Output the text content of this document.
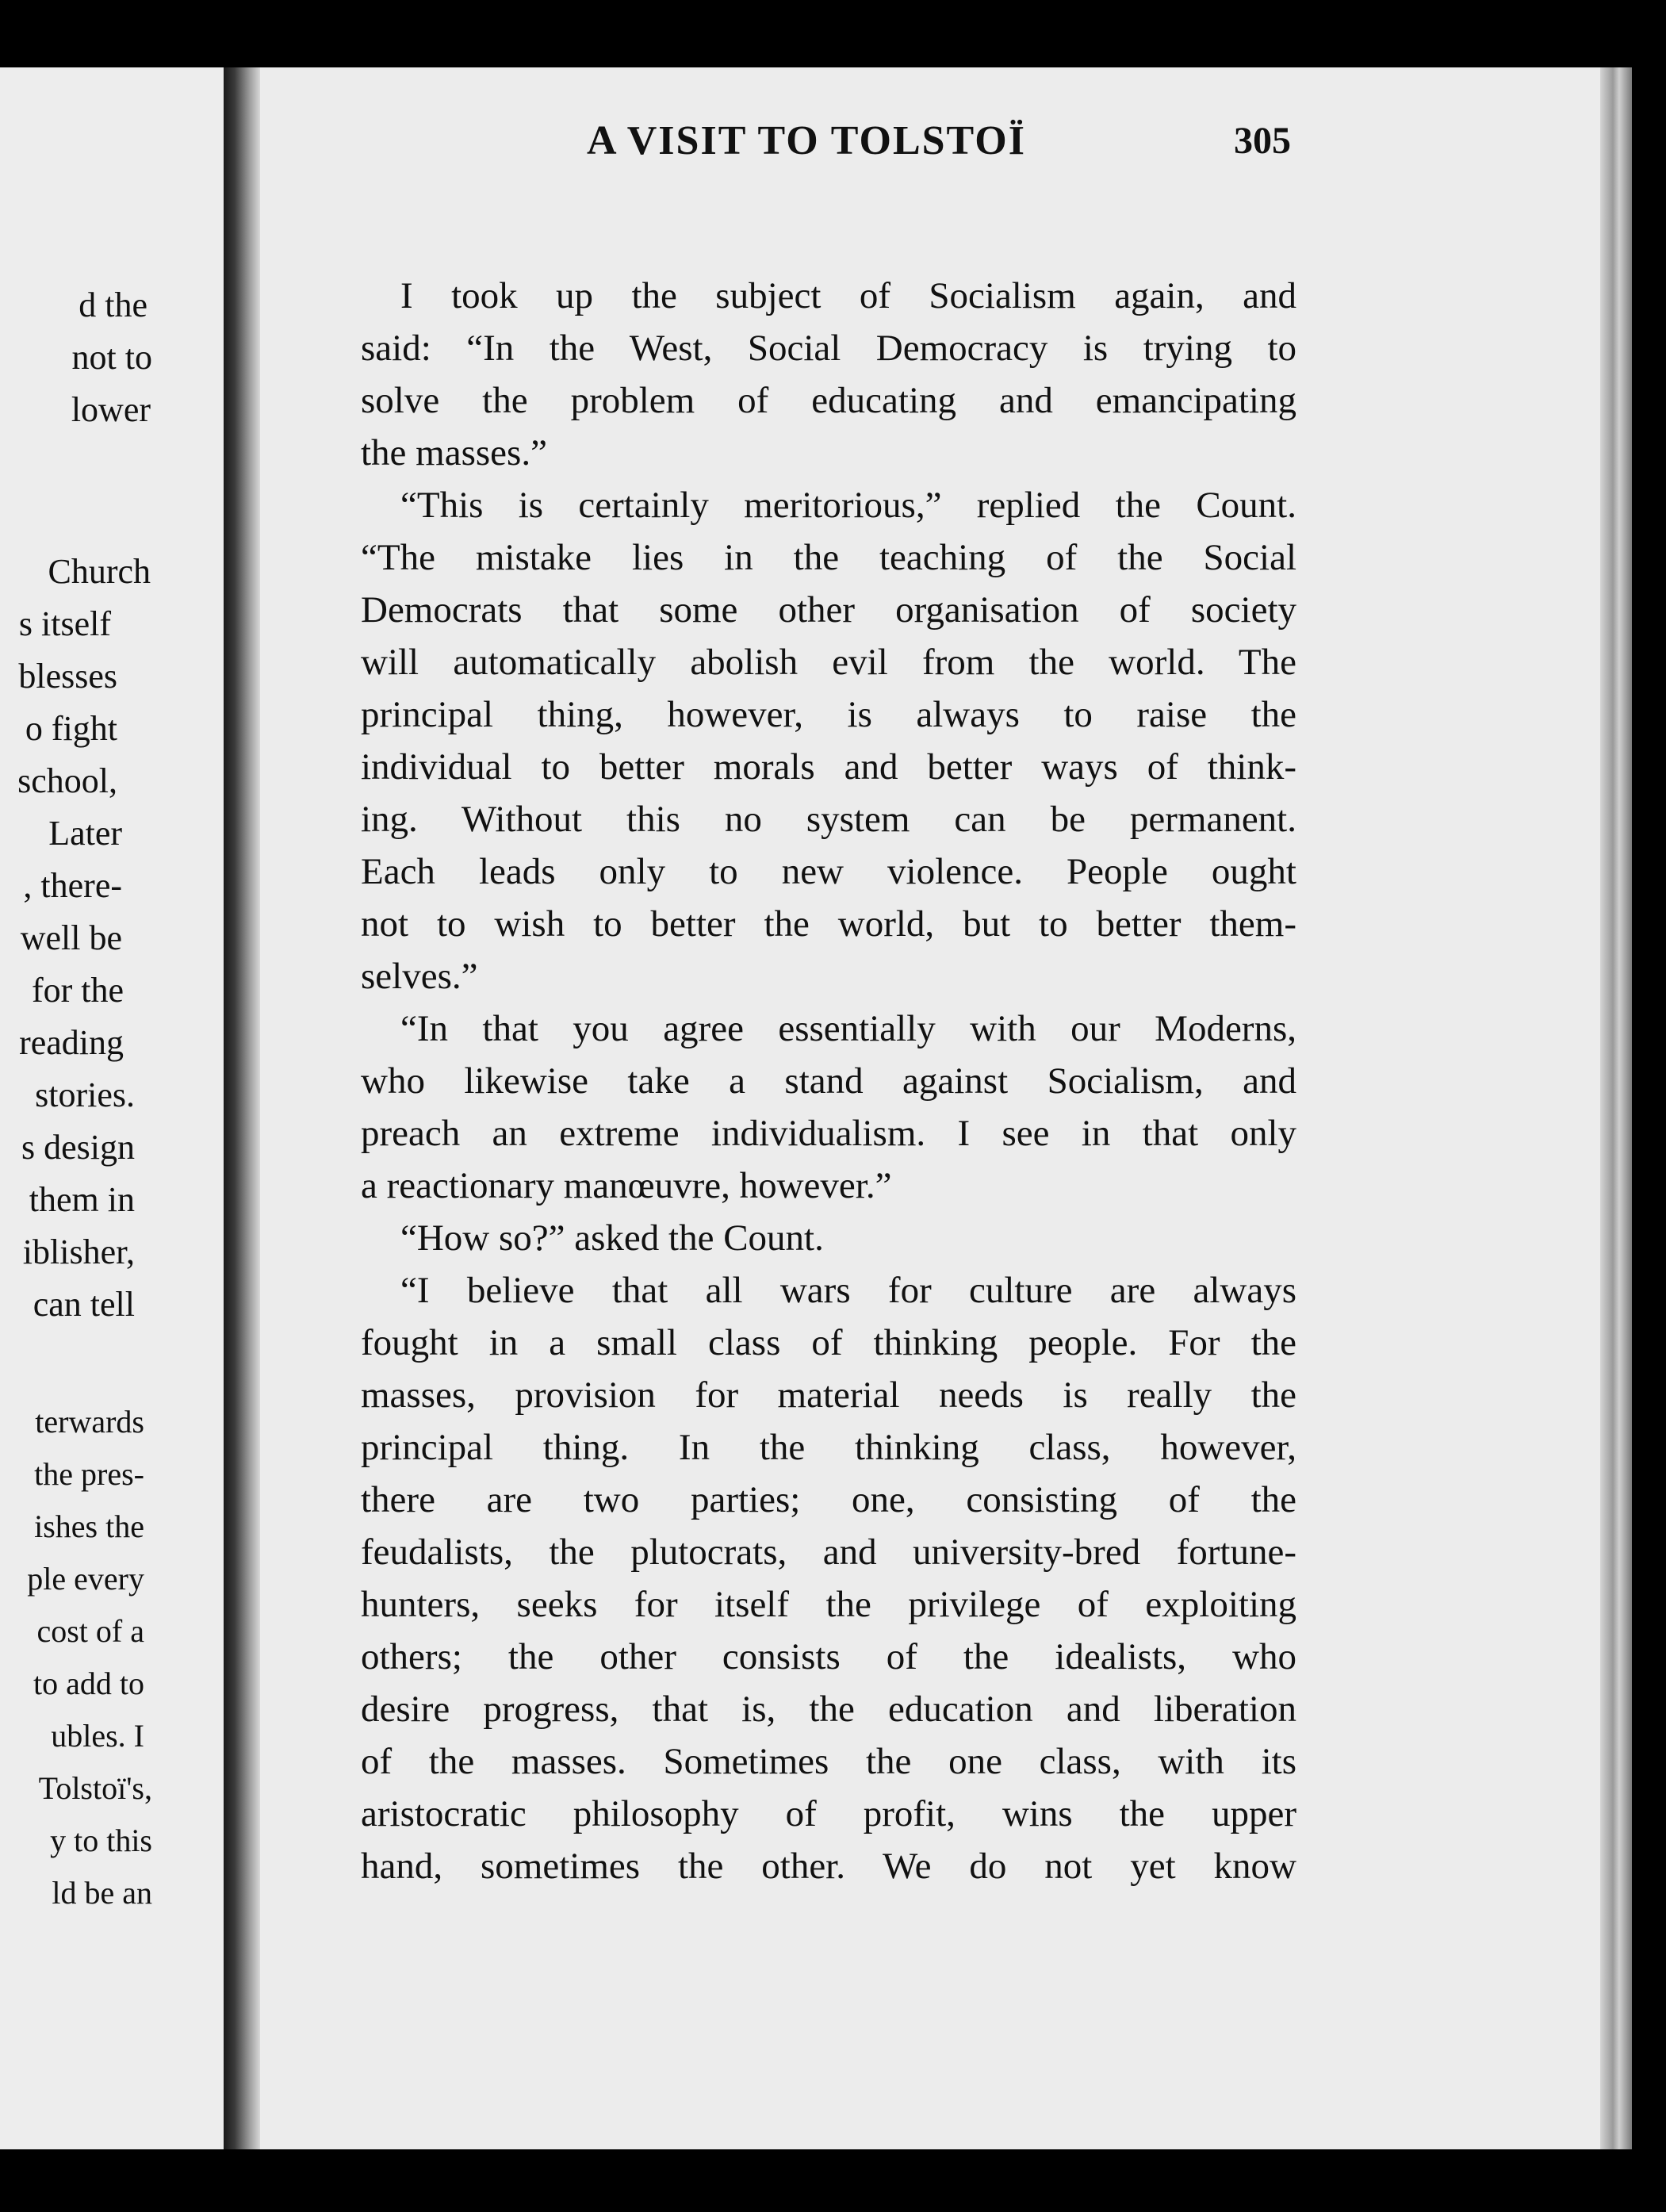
d the
not to
lower
Church
s itself
blesses
o fight
school,
Later
, there-
well be
for the
reading
stories.
s design
them in
iblisher,
can tell
terwards
the pres-
ishes the
ple every
cost of a
to add to
ubles. I
Tolstoï's,
y to this
ld be an
A VISIT TO TOLSTOÏ	305
I took up the subject of Socialism again, and
said: “In the West, Social Democracy is trying to
solve the problem of educating and emancipating
the masses.”
“This is certainly meritorious,” replied the Count.
“The mistake lies in the teaching of the Social
Democrats that some other organisation of society
will automatically abolish evil from the world. The
principal thing, however, is always to raise the
individual to better morals and better ways of think-
ing. Without this no system can be permanent.
Each leads only to new violence. People ought
not to wish to better the world, but to better them-
selves.”
“In that you agree essentially with our Moderns,
who likewise take a stand against Socialism, and
preach an extreme individualism. I see in that only
a reactionary manœuvre, however.”
“How so?” asked the Count.
“I believe that all wars for culture are always
fought in a small class of thinking people. For the
masses, provision for material needs is really the
principal thing. In the thinking class, however,
there are two parties; one, consisting of the
feudalists, the plutocrats, and university-bred fortune-
hunters, seeks for itself the privilege of exploiting
others; the other consists of the idealists, who
desire progress, that is, the education and liberation
of the masses. Sometimes the one class, with its
aristocratic philosophy of profit, wins the upper
hand, sometimes the other. We do not yet know
